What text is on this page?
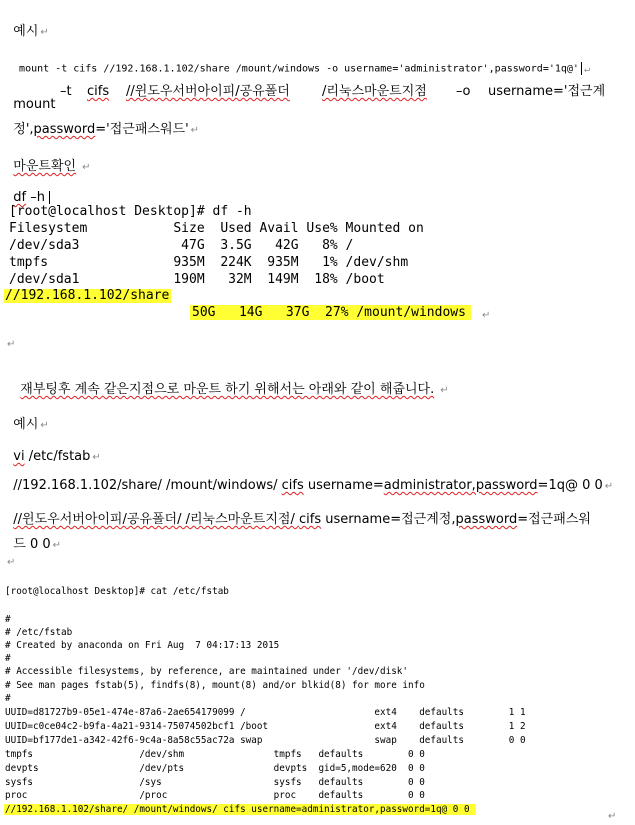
예시 ↵

mount -t cifs //192.168.1.102/share /mount/windows -o username='administrator',password='1q@' ↵

mount

–t cifs //윈도우서버아이피/공유폴더 /리눅스마운트지점 –o username='접근계

정',password='접근패스워드' ↵

마운트확인 ↵

df –h

[root@localhost Desktop]# df -h
Filesystem           Size  Used Avail Use% Mounted on
/dev/sda3             47G  3.5G   42G   8% /
tmpfs                935M  224K  935M   1% /dev/shm
/dev/sda1            190M   32M  149M  18% /boot
//192.168.1.102/share
50G   14G   37G  27% /mount/windows	↵
↵

재부팅후 계속 같은지점으로 마운트 하기 위해서는 아래와 같이 해줍니다. ↵

예시 ↵

vi /etc/fstab ↵

//192.168.1.102/share/ /mount/windows/ cifs username=administrator,password=1q@ 0 0 ↵

//윈도우서버아이피/공유폴더/ /리눅스마운트지점/ cifs username=접근계정,password=접근패스워

드 0 0 ↵

↵
[root@localhost Desktop]# cat /etc/fstab
#
# /etc/fstab
# Created by anaconda on Fri Aug  7 04:17:13 2015
#
# Accessible filesystems, by reference, are maintained under '/dev/disk'
# See man pages fstab(5), findfs(8), mount(8) and/or blkid(8) for more info
#
UUID=d81727b9-05e1-474e-87a6-2ae654179099 /                       ext4    defaults        1 1
UUID=c0ce04c2-b9fa-4a21-9314-75074502bcf1 /boot                   ext4    defaults        1 2
UUID=bf177de1-a342-42f6-9c4a-8a58c55ac72a swap                    swap    defaults        0 0
tmpfs                   /dev/shm                tmpfs   defaults        0 0
devpts                  /dev/pts                devpts  gid=5,mode=620  0 0
sysfs                   /sys                    sysfs   defaults        0 0
proc                    /proc                   proc    defaults        0 0
//192.168.1.102/share/ /mount/windows/ cifs username=administrator,password=1q@ 0 0
↵
